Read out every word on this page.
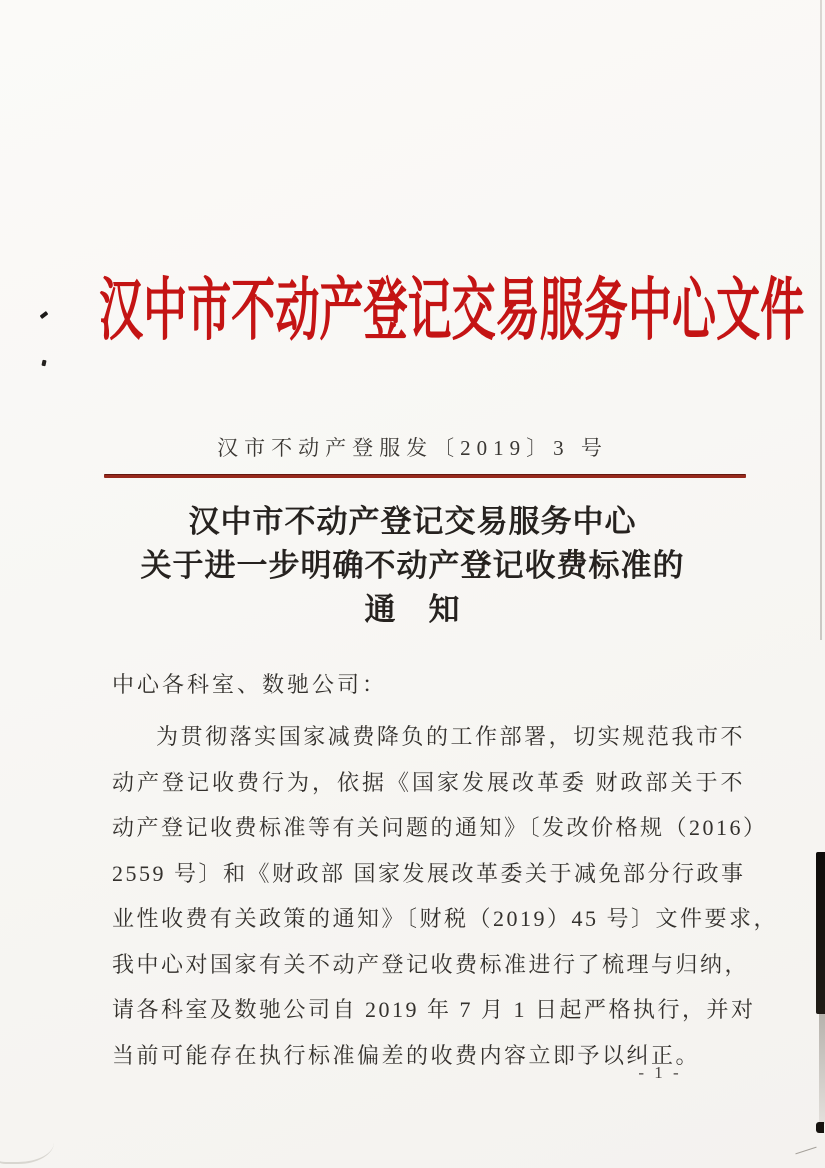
汉中市不动产登记交易服务中心文件
汉市不动产登服发〔2019〕3 号
汉中市不动产登记交易服务中心
关于进一步明确不动产登记收费标准的
通　知
中心各科室、数驰公司：
为贯彻落实国家减费降负的工作部署，切实规范我市不
动产登记收费行为，依据《国家发展改革委 财政部关于不
动产登记收费标准等有关问题的通知》〔发改价格规（2016）
2559 号〕和《财政部 国家发展改革委关于减免部分行政事
业性收费有关政策的通知》〔财税（2019）45 号〕文件要求，
我中心对国家有关不动产登记收费标准进行了梳理与归纳，
请各科室及数驰公司自 2019 年 7 月 1 日起严格执行，并对
当前可能存在执行标准偏差的收费内容立即予以纠正。
- 1 -
